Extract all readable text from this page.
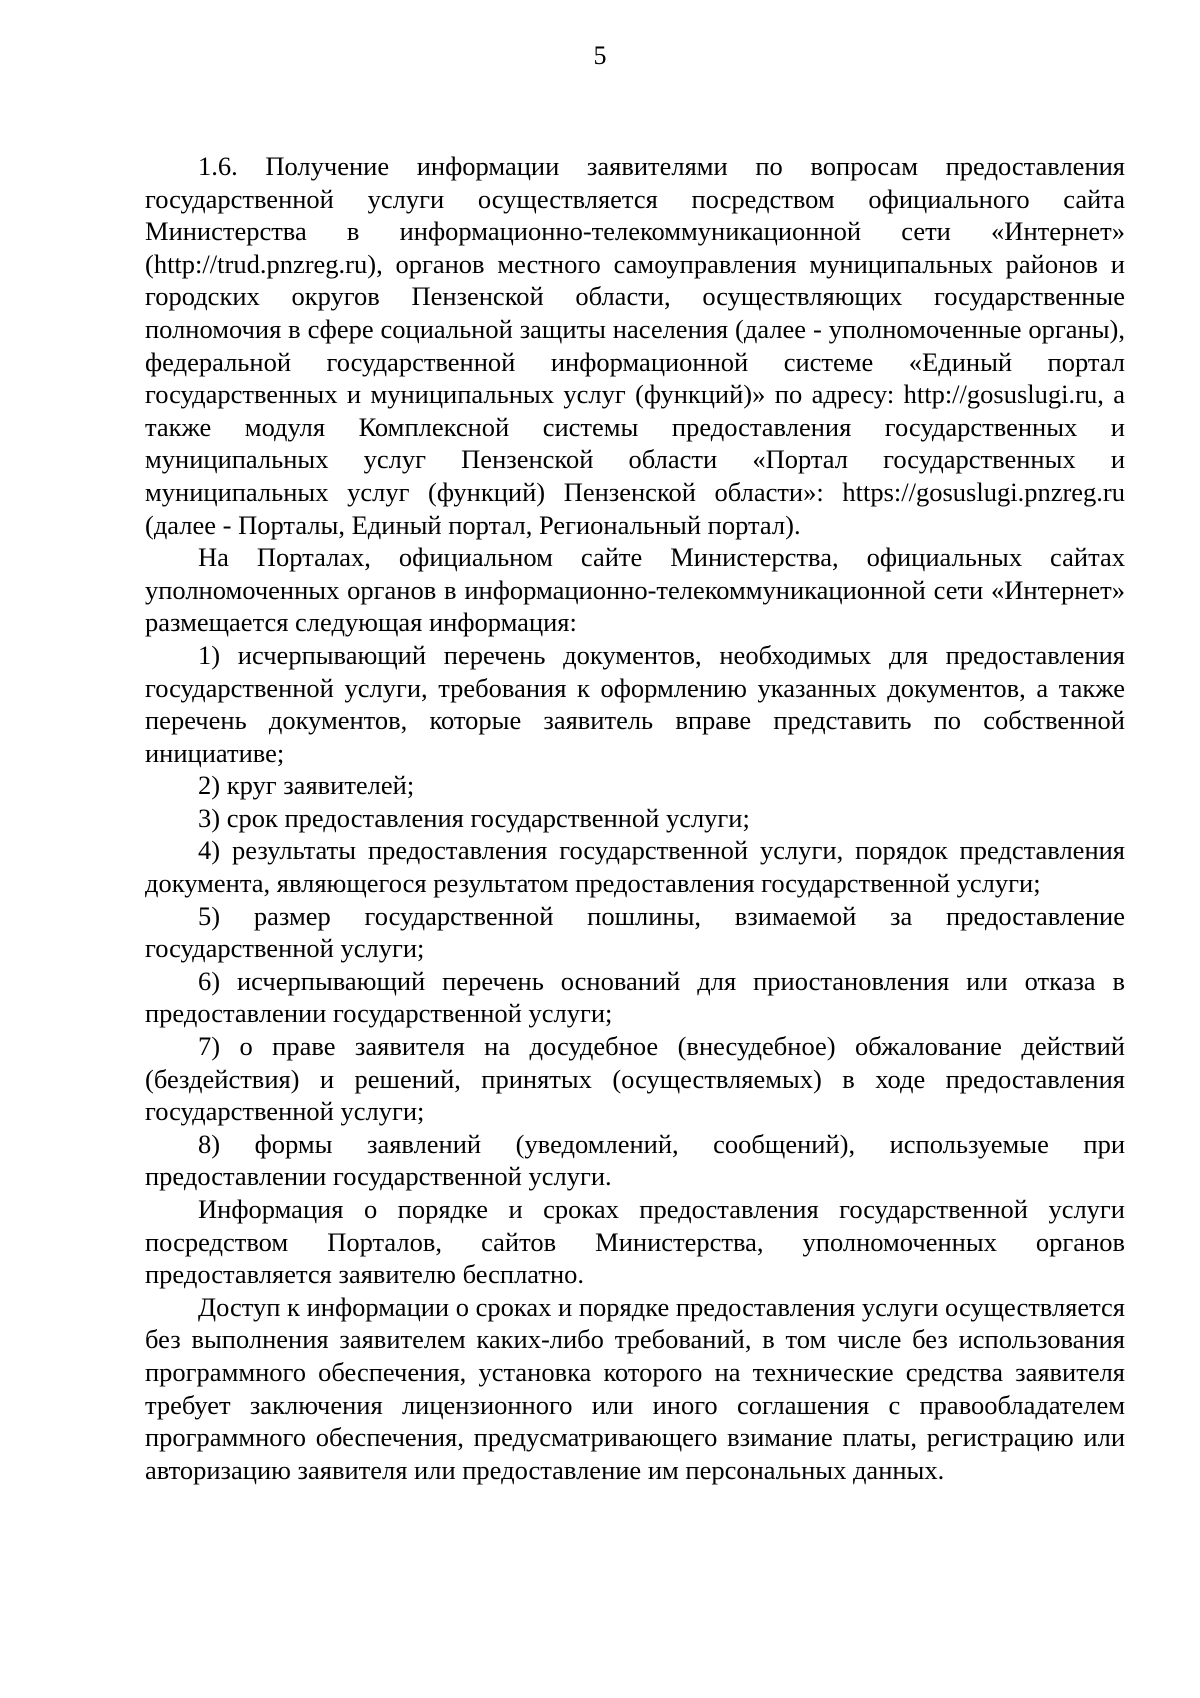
5

1.6. Получение информации заявителями по вопросам предоставления государственной услуги осуществляется посредством официального сайта Министерства в информационно-телекоммуникационной сети «Интернет» (http://trud.pnzreg.ru), органов местного самоуправления муниципальных районов и городских округов Пензенской области, осуществляющих государственные полномочия в сфере социальной защиты населения (далее - уполномоченные органы), федеральной государственной информационной системе «Единый портал государственных и муниципальных услуг (функций)» по адресу: http://gosuslugi.ru, а также модуля Комплексной системы предоставления государственных и муниципальных услуг Пензенской области «Портал государственных и муниципальных услуг (функций) Пензенской области»: https://gosuslugi.pnzreg.ru (далее - Порталы, Единый портал, Региональный портал).

На Порталах, официальном сайте Министерства, официальных сайтах уполномоченных органов в информационно-телекоммуникационной сети «Интернет» размещается следующая информация:

1) исчерпывающий перечень документов, необходимых для предоставления государственной услуги, требования к оформлению указанных документов, а также перечень документов, которые заявитель вправе представить по собственной инициативе;

2) круг заявителей;

3) срок предоставления государственной услуги;

4) результаты предоставления государственной услуги, порядок представления документа, являющегося результатом предоставления государственной услуги;

5) размер государственной пошлины, взимаемой за предоставление государственной услуги;

6) исчерпывающий перечень оснований для приостановления или отказа в предоставлении государственной услуги;

7) о праве заявителя на досудебное (внесудебное) обжалование действий (бездействия) и решений, принятых (осуществляемых) в ходе предоставления государственной услуги;

8) формы заявлений (уведомлений, сообщений), используемые при предоставлении государственной услуги.

Информация о порядке и сроках предоставления государственной услуги посредством Порталов, сайтов Министерства, уполномоченных органов предоставляется заявителю бесплатно.

Доступ к информации о сроках и порядке предоставления услуги осуществляется без выполнения заявителем каких-либо требований, в том числе без использования программного обеспечения, установка которого на технические средства заявителя требует заключения лицензионного или иного соглашения с правообладателем программного обеспечения, предусматривающего взимание платы, регистрацию или авторизацию заявителя или предоставление им персональных данных.
